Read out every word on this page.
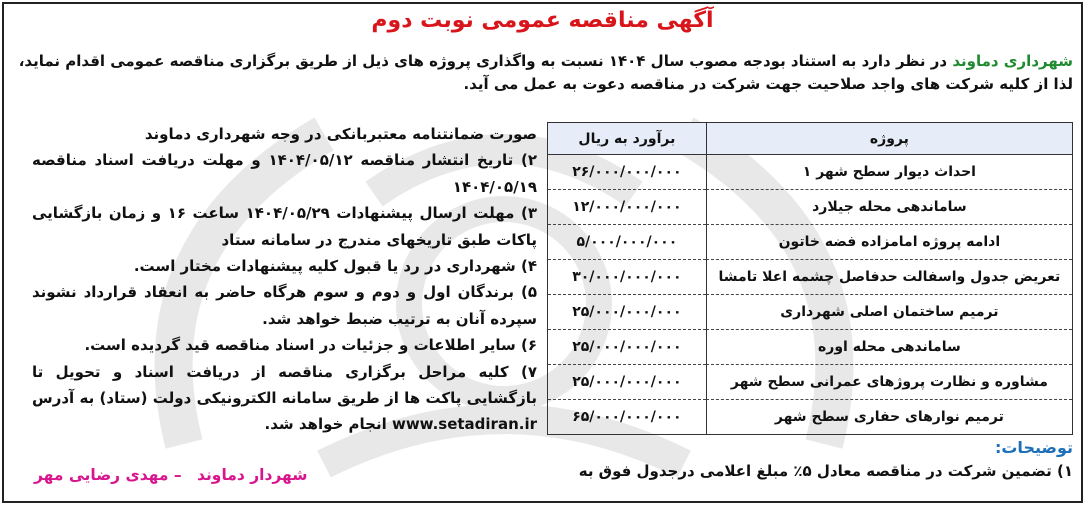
آگهی مناقصه عمومی نوبت دوم
شهرداری دماوند در نظر دارد به استناد بودجه مصوب سال ۱۴۰۴ نسبت به واگذاری پروژه های ذیل از طریق برگزاری مناقصه عمومی اقدام نماید،
لذا از کلیه شرکت های واجد صلاحیت جهت شرکت در مناقصه دعوت به عمل می آید.
پروژه	برآورد به ریال
احداث دیوار سطح شهر ۱	۲۶/۰۰۰/۰۰۰/۰۰۰
ساماندهی محله جیلارد	۱۲/۰۰۰/۰۰۰/۰۰۰
ادامه پروژه امامزاده فضه خاتون	۵/۰۰۰/۰۰۰/۰۰۰
تعریض جدول واسفالت حدفاصل چشمه اعلا تامشا	۳۰/۰۰۰/۰۰۰/۰۰۰
ترمیم ساختمان اصلی شهرداری	۲۵/۰۰۰/۰۰۰/۰۰۰
ساماندهی محله اوره	۲۵/۰۰۰/۰۰۰/۰۰۰
مشاوره و نظارت پروژهای عمرانی سطح شهر	۲۵/۰۰۰/۰۰۰/۰۰۰
ترمیم نوارهای حفاری سطح شهر	۶۵/۰۰۰/۰۰۰/۰۰۰
توضیحات:
۱) تضمین شرکت در مناقصه معادل ۵٪ مبلغ اعلامی درجدول فوق به

صورت ضمانتنامه معتبربانکی در وجه شهرداری دماوند

۲) تاریخ انتشار مناقصه ۱۴۰۴/۰۵/۱۲ و مهلت دریافت اسناد مناقصه ۱۴۰۴/۰۵/۱۹

۳) مهلت ارسال پیشنهادات ۱۴۰۴/۰۵/۲۹ ساعت ۱۶ و زمان بازگشایی پاکات طبق تاریخهای مندرج در سامانه ستاد

۴) شهرداری در رد یا قبول کلیه پیشنهادات مختار است.

۵) برندگان اول و دوم و سوم هرگاه حاضر به انعقاد قرارداد نشوند سپرده آنان به ترتیب ضبط خواهد شد.

۶) سایر اطلاعات و جزئیات در اسناد مناقصه قید گردیده است.

۷) کلیه مراحل برگزاری مناقصه از دریافت اسناد و تحویل تا بازگشایی پاکت ها از طریق سامانه الکترونیکی دولت (ستاد) به آدرس www.setadiran.ir انجام خواهد شد.

شهردار دماوند – مهدی رضایی مهر
